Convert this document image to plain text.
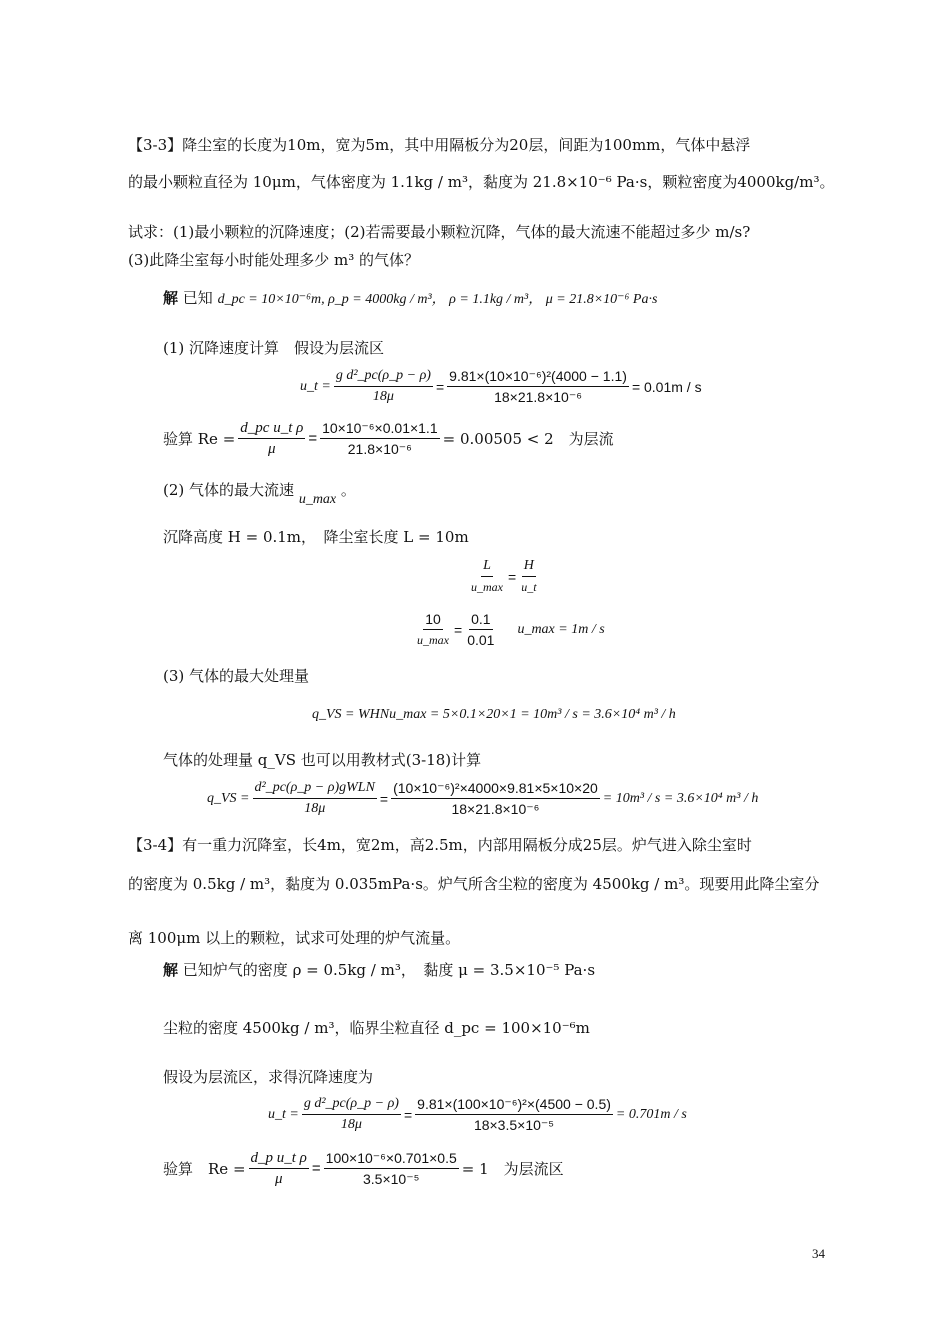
【3-3】降尘室的长度为10m，宽为5m，其中用隔板分为20层，间距为100mm，气体中悬浮
的最小颗粒直径为 10μm，气体密度为 1.1kg / m³，黏度为 21.8×10⁻⁶ Pa·s，颗粒密度为4000kg/m³。
试求：(1)最小颗粒的沉降速度；(2)若需要最小颗粒沉降，气体的最大流速不能超过多少 m/s?
(3)此降尘室每小时能处理多少 m³ 的气体？
解 已知 d_pc = 10×10⁻⁶m, ρ_p = 4000kg / m³， ρ = 1.1kg / m³， μ = 21.8×10⁻⁶ Pa·s
(1) 沉降速度计算　假设为层流区
u_t = $\frac{\text{g d²\_pc(ρ\_p − ρ)}}{18\mu} = \frac{\text{9.81×(10×10⁻⁶)²(4000 − 1.1)}}{\text{18×21.8×10⁻⁶}} = 0.01m / s$
验算 $Re = \frac{\text{d\_pc u\_t ρ}}{\mu} = \frac{\text{10×10⁻⁶×0.01×1.1}}{\text{21.8×10⁻⁶}} = 0.00505 < 2$　为层流
(2) 气体的最大流速 u_max 。
沉降高度 H = 0.1m，　降尘室长度 L = 10m
$\frac{L}{u\_\max} = \frac{H}{u\_t}$
$\frac{10}{u\_\max} = \frac{0.1}{0.01}$ u_max = 1m / s
(3) 气体的最大处理量
q_VS = WHNu_max = 5×0.1×20×1 = 10m³ / s = 3.6×10⁴ m³ / h
气体的处理量 q_VS 也可以用教材式(3-18)计算
q_VS = $\frac{\text{d²\_pc(ρ\_p − ρ)gWLN}}{18\mu} = \frac{\text{(10×10⁻⁶)²×4000×9.81×5×10×20}}{\text{18×21.8×10⁻⁶}} = 10m^3 / s = 3.6\times 10^4$ m³ / h
【3-4】有一重力沉降室，长4m，宽2m，高2.5m，内部用隔板分成25层。炉气进入除尘室时
的密度为 0.5kg / m³，黏度为 0.035mPa·s。炉气所含尘粒的密度为 4500kg / m³。现要用此降尘室分
离 100μm 以上的颗粒，试求可处理的炉气流量。
解 已知炉气的密度 ρ = 0.5kg / m³，　黏度 μ = 3.5×10⁻⁵ Pa·s
尘粒的密度 4500kg / m³，临界尘粒直径 d_pc = 100×10⁻⁶m
假设为层流区，求得沉降速度为
u_t = $\frac{\text{g d²\_pc(ρ\_p − ρ)}}{18\mu} = \frac{\text{9.81×(100×10⁻⁶)²×(4500 − 0.5)}}{\text{18×3.5×10⁻⁵}} = 0.701m / s$
验算　$Re = \frac{\text{d\_p u\_t ρ}}{\mu} = \frac{\text{100×10⁻⁶×0.701×0.5}}{\text{3.5×10⁻⁵}} = 1$　为层流区
34
